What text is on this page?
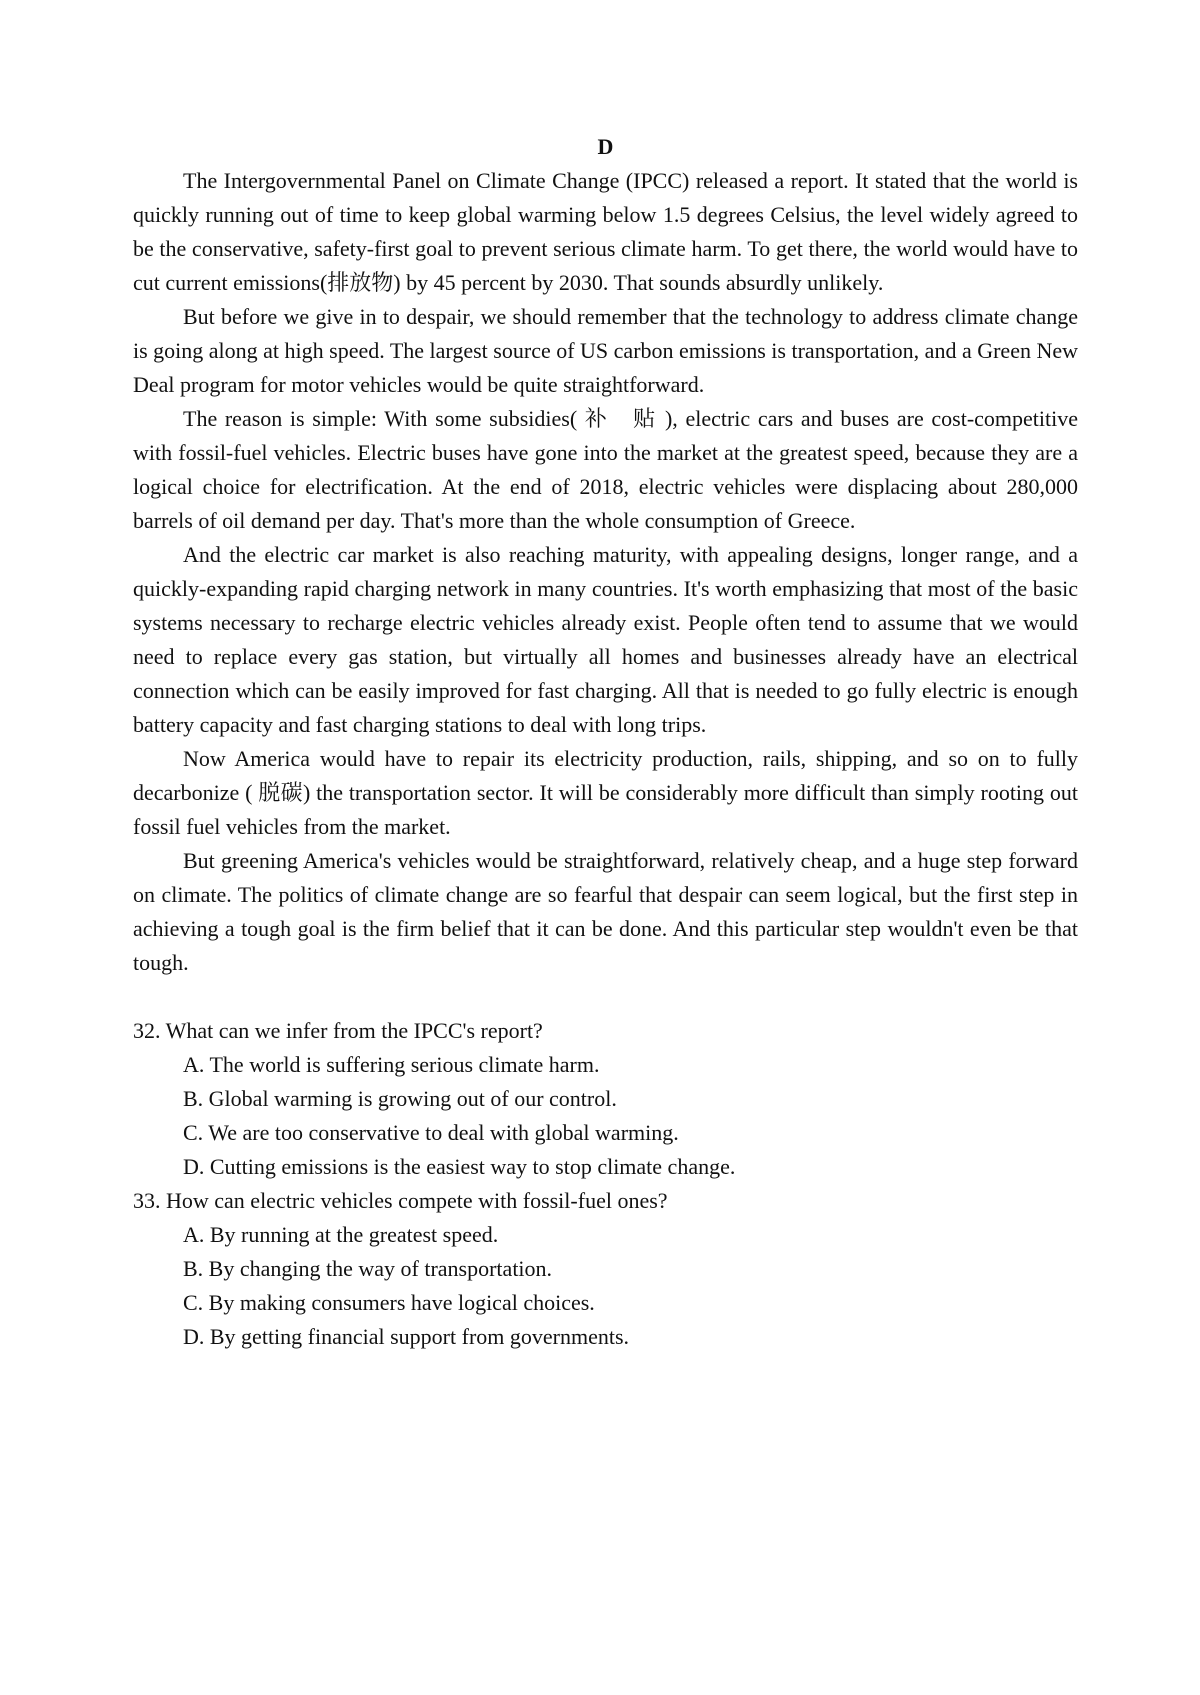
D

The Intergovernmental Panel on Climate Change (IPCC) released a report. It stated that the world is quickly running out of time to keep global warming below 1.5 degrees Celsius, the level widely agreed to be the conservative, safety-first goal to prevent serious climate harm. To get there, the world would have to cut current emissions(排放物) by 45 percent by 2030. That sounds absurdly unlikely.

But before we give in to despair, we should remember that the technology to address climate change is going along at high speed. The largest source of US carbon emissions is transportation, and a Green New Deal program for motor vehicles would be quite straightforward.

The reason is simple: With some subsidies( 补　贴 ), electric cars and buses are cost-competitive with fossil-fuel vehicles. Electric buses have gone into the market at the greatest speed, because they are a logical choice for electrification. At the end of 2018, electric vehicles were displacing about 280,000 barrels of oil demand per day. That's more than the whole consumption of Greece.

And the electric car market is also reaching maturity, with appealing designs, longer range, and a quickly-expanding rapid charging network in many countries. It's worth emphasizing that most of the basic systems necessary to recharge electric vehicles already exist. People often tend to assume that we would need to replace every gas station, but virtually all homes and businesses already have an electrical connection which can be easily improved for fast charging. All that is needed to go fully electric is enough battery capacity and fast charging stations to deal with long trips.

Now America would have to repair its electricity production, rails, shipping, and so on to fully decarbonize ( 脱碳) the transportation sector. It will be considerably more difficult than simply rooting out fossil fuel vehicles from the market.

But greening America's vehicles would be straightforward, relatively cheap, and a huge step forward on climate. The politics of climate change are so fearful that despair can seem logical, but the first step in achieving a tough goal is the firm belief that it can be done. And this particular step wouldn't even be that tough.

32. What can we infer from the IPCC's report?

A. The world is suffering serious climate harm.

B. Global warming is growing out of our control.

C. We are too conservative to deal with global warming.

D. Cutting emissions is the easiest way to stop climate change.

33. How can electric vehicles compete with fossil-fuel ones?

A. By running at the greatest speed.

B. By changing the way of transportation.

C. By making consumers have logical choices.

D. By getting financial support from governments.
